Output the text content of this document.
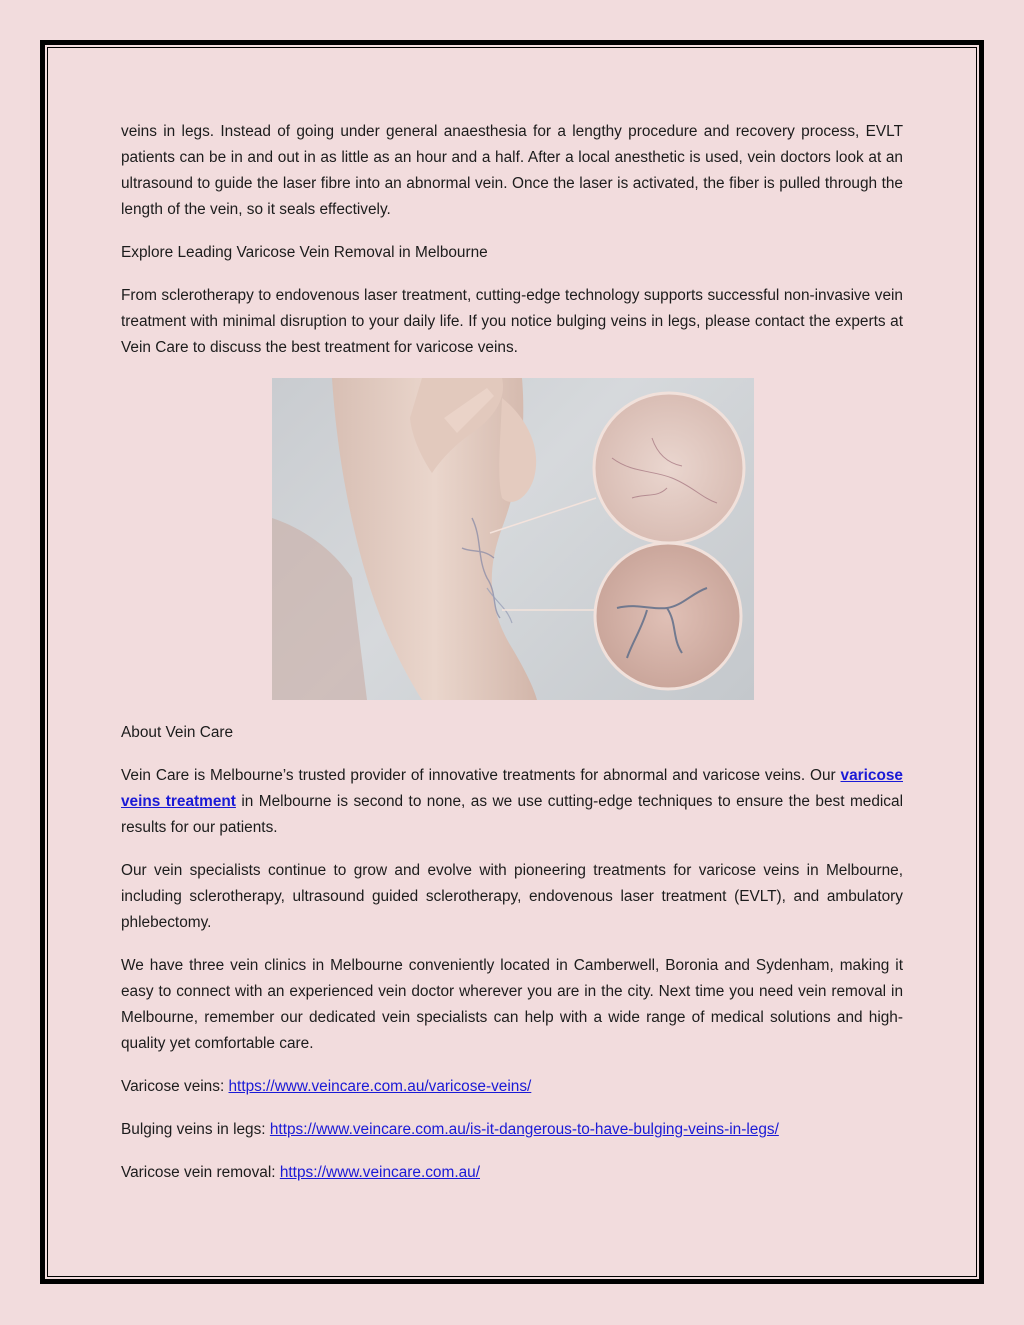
veins in legs. Instead of going under general anaesthesia for a lengthy procedure and recovery process, EVLT patients can be in and out in as little as an hour and a half. After a local anesthetic is used, vein doctors look at an ultrasound to guide the laser fibre into an abnormal vein. Once the laser is activated, the fiber is pulled through the length of the vein, so it seals effectively.

Explore Leading Varicose Vein Removal in Melbourne

From sclerotherapy to endovenous laser treatment, cutting-edge technology supports successful non-invasive vein treatment with minimal disruption to your daily life. If you notice bulging veins in legs, please contact the experts at Vein Care to discuss the best treatment for varicose veins.

About Vein Care

Vein Care is Melbourne’s trusted provider of innovative treatments for abnormal and varicose veins. Our varicose veins treatment in Melbourne is second to none, as we use cutting-edge techniques to ensure the best medical results for our patients.

Our vein specialists continue to grow and evolve with pioneering treatments for varicose veins in Melbourne, including sclerotherapy, ultrasound guided sclerotherapy, endovenous laser treatment (EVLT), and ambulatory phlebectomy.

We have three vein clinics in Melbourne conveniently located in Camberwell, Boronia and Sydenham, making it easy to connect with an experienced vein doctor wherever you are in the city. Next time you need vein removal in Melbourne, remember our dedicated vein specialists can help with a wide range of medical solutions and high-quality yet comfortable care.

Varicose veins: https://www.veincare.com.au/varicose-veins/

Bulging veins in legs: https://www.veincare.com.au/is-it-dangerous-to-have-bulging-veins-in-legs/

Varicose vein removal: https://www.veincare.com.au/
